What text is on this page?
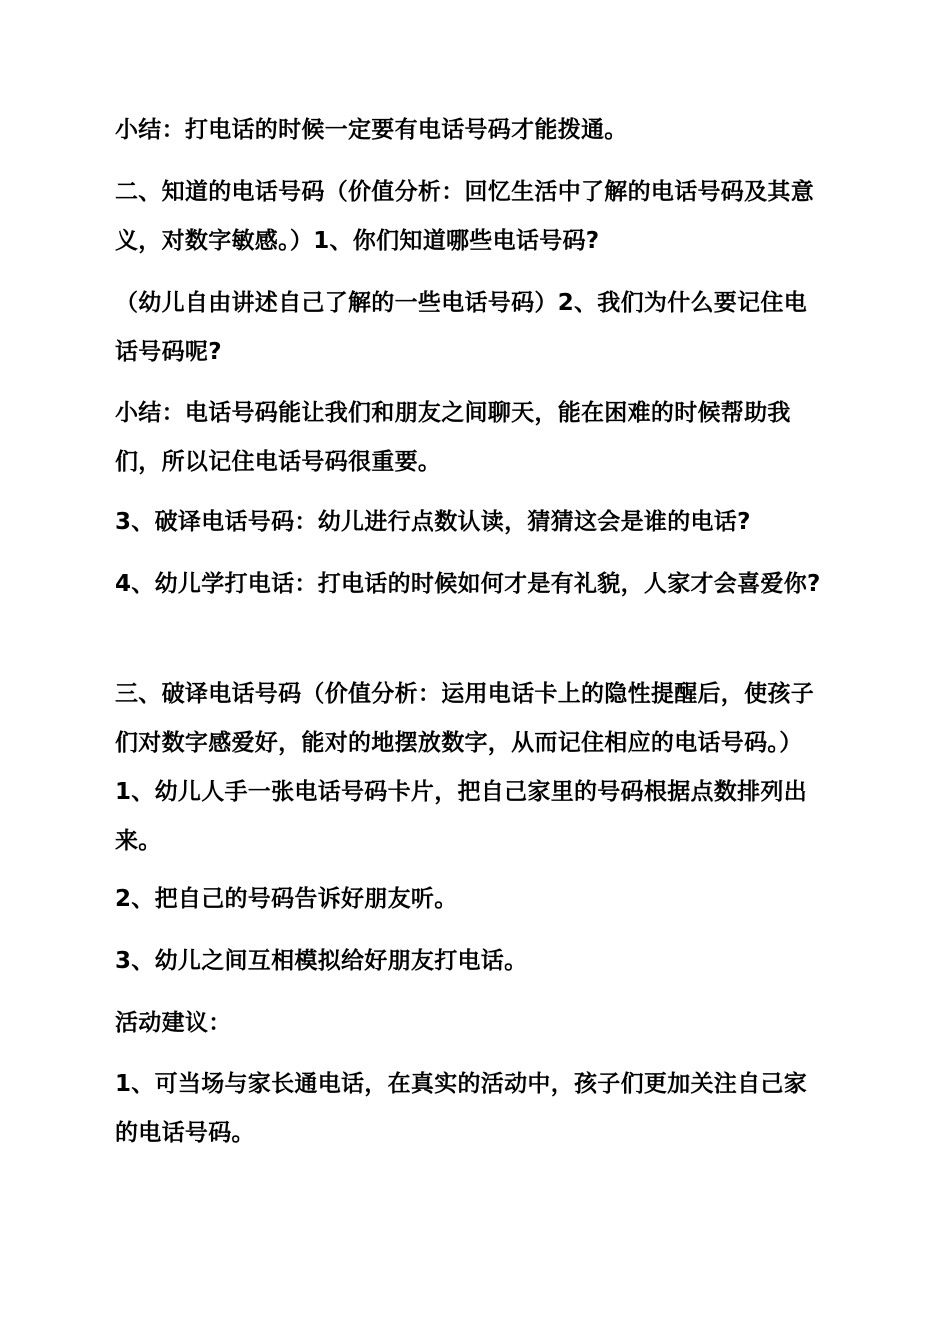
小结：打电话的时候一定要有电话号码才能拨通。
二、知道的电话号码（价值分析：回忆生活中了解的电话号码及其意义，对数字敏感。）1、你们知道哪些电话号码?
（幼儿自由讲述自己了解的一些电话号码）2、我们为什么要记住电话号码呢?
小结：电话号码能让我们和朋友之间聊天，能在困难的时候帮助我们，所以记住电话号码很重要。
3、破译电话号码：幼儿进行点数认读，猜猜这会是谁的电话?
4、幼儿学打电话：打电话的时候如何才是有礼貌，人家才会喜爱你?
三、破译电话号码（价值分析：运用电话卡上的隐性提醒后，使孩子们对数字感爱好，能对的地摆放数字，从而记住相应的电话号码。）1、幼儿人手一张电话号码卡片，把自己家里的号码根据点数排列出来。
2、把自己的号码告诉好朋友听。
3、幼儿之间互相模拟给好朋友打电话。
活动建议：
1、可当场与家长通电话，在真实的活动中，孩子们更加关注自己家的电话号码。
